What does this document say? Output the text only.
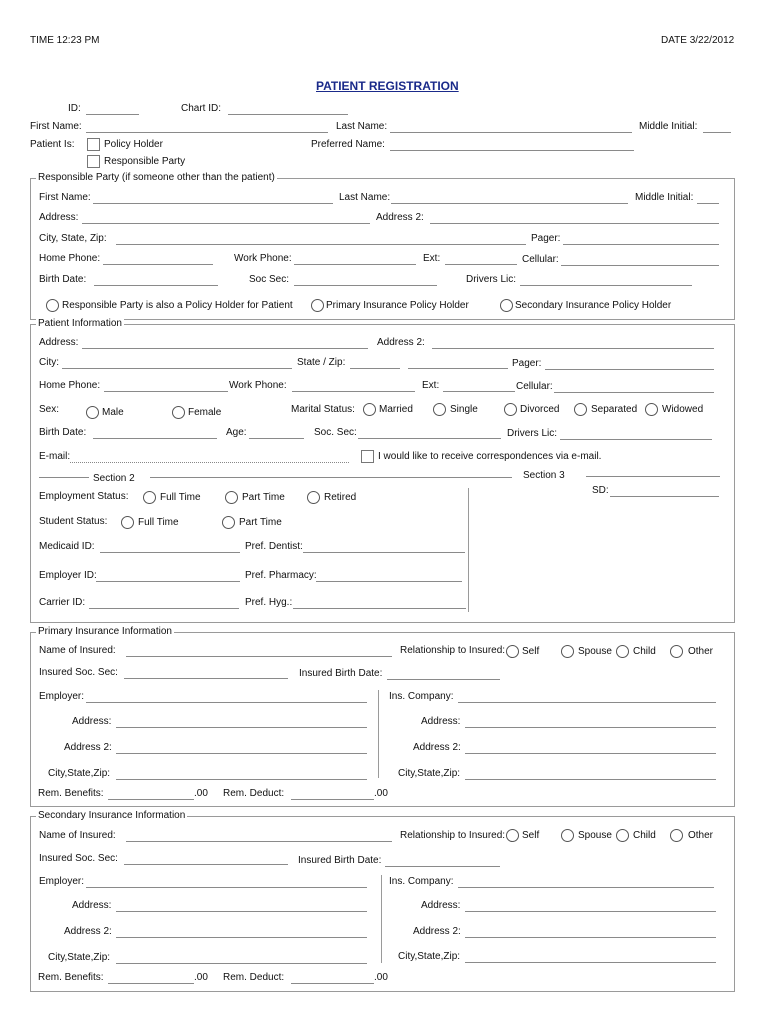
TIME 12:23 PM	DATE 3/22/2012
PATIENT REGISTRATION
ID:	Chart ID:
First Name:	Last Name:	Middle Initial:
Patient Is:	Policy Holder
Responsible Party
Preferred Name:
Responsible Party (if someone other than the patient)
First Name:	Last Name:	Middle Initial:
Address:	Address 2:
City, State, Zip:	Pager:
Home Phone:	Work Phone:	Ext:	Cellular:
Birth Date:	Soc Sec:	Drivers Lic:
Responsible Party is also a Policy Holder for Patient	Primary Insurance Policy Holder	Secondary Insurance Policy Holder
Patient Information
Address:	Address 2:
City:	State / Zip:	Pager:
Home Phone:	Work Phone:	Ext:	Cellular:
Sex:	Male	Female	Marital Status: Married	Single	Divorced	Separated Widowed
Birth Date:	Age:	Soc. Sec:	Drivers Lic:
E-mail:	I would like to receive correspondences via e-mail.
Section 2	Section 3
SD:
Employment Status:	Full Time	Part Time	Retired
Student Status:	Full Time	Part Time
Medicaid ID:	Pref. Dentist:
Employer ID:	Pref. Pharmacy:
Carrier ID:	Pref. Hyg.:
Primary Insurance Information
Name of Insured:	Relationship to Insured: Self	Spouse Child	Other
Insured Soc. Sec:	Insured Birth Date:
Employer:	Ins. Company:
Address:	Address:
Address 2:	Address 2:
City,State,Zip:	City,State,Zip:
Rem. Benefits:	.00 Rem. Deduct:	.00
Secondary Insurance Information
Name of Insured:	Relationship to Insured: Self	Spouse Child	Other
Insured Soc. Sec:	Insured Birth Date:
Employer:	Ins. Company:
Address:	Address:
Address 2:	Address 2:
City,State,Zip:	City,State,Zip:
Rem. Benefits:	.00 Rem. Deduct:	.00
